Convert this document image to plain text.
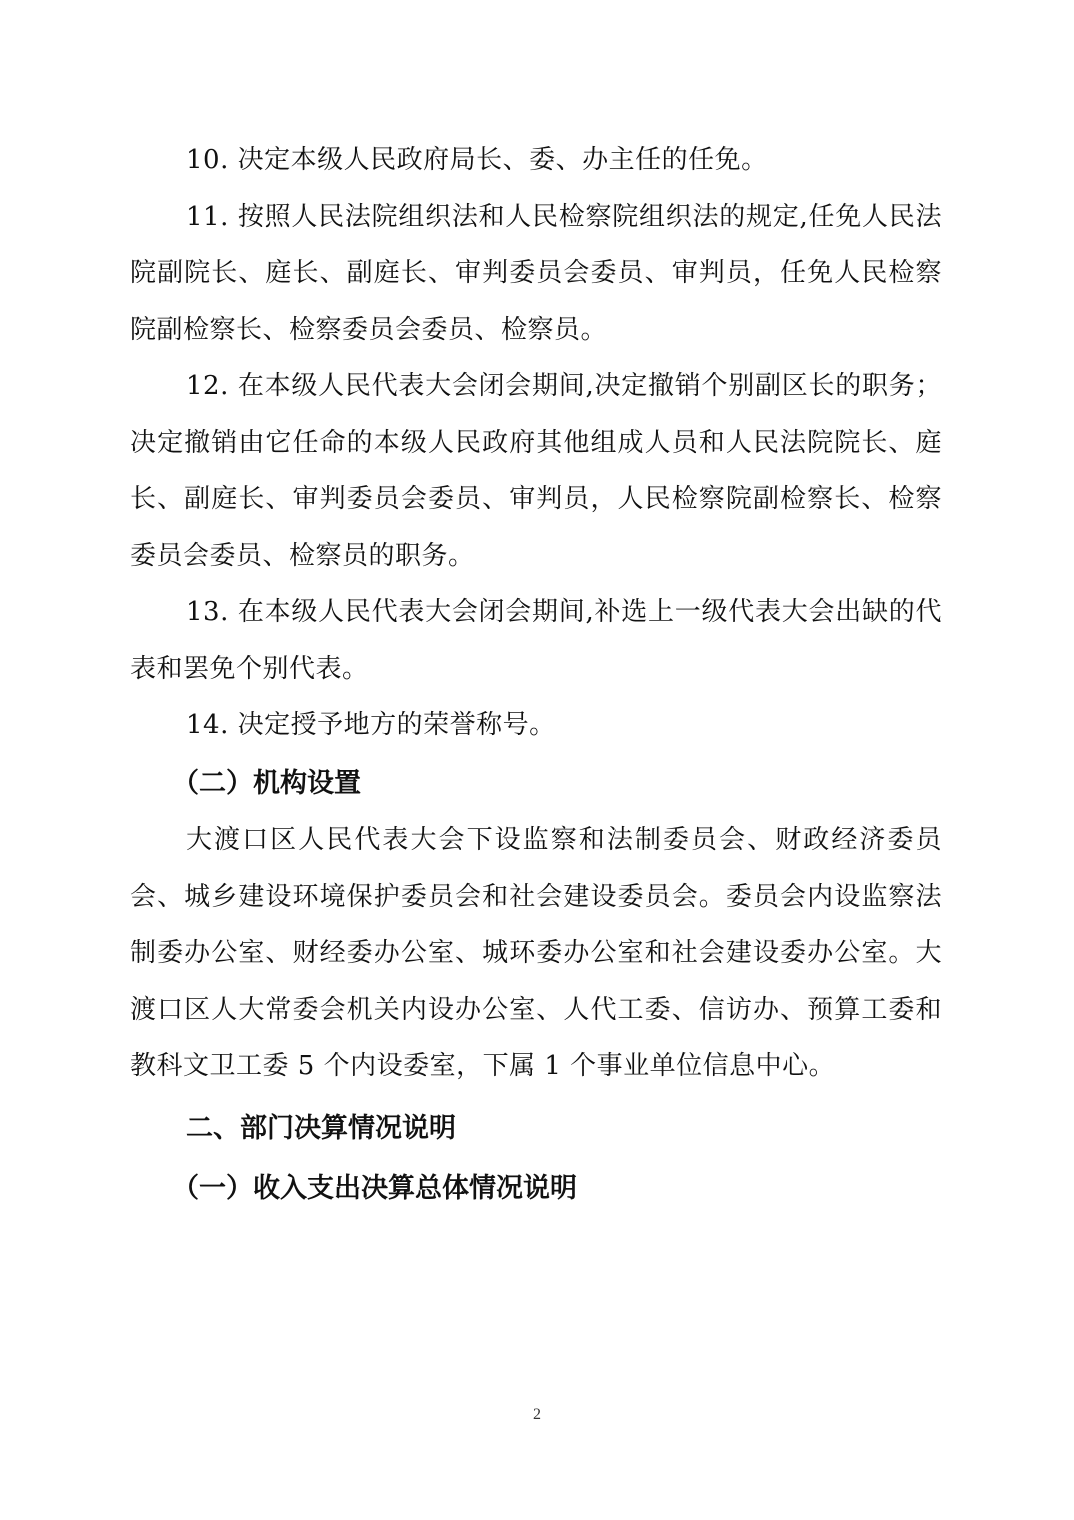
10. 决定本级人民政府局长、委、办主任的任免。

11. 按照人民法院组织法和人民检察院组织法的规定,任免人民法院副院长、庭长、副庭长、审判委员会委员、审判员，任免人民检察院副检察长、检察委员会委员、检察员。

12. 在本级人民代表大会闭会期间,决定撤销个别副区长的职务；决定撤销由它任命的本级人民政府其他组成人员和人民法院院长、庭长、副庭长、审判委员会委员、审判员，人民检察院副检察长、检察委员会委员、检察员的职务。

13. 在本级人民代表大会闭会期间,补选上一级代表大会出缺的代表和罢免个别代表。

14. 决定授予地方的荣誉称号。

（二）机构设置

大渡口区人民代表大会下设监察和法制委员会、财政经济委员会、城乡建设环境保护委员会和社会建设委员会。委员会内设监察法制委办公室、财经委办公室、城环委办公室和社会建设委办公室。大渡口区人大常委会机关内设办公室、人代工委、信访办、预算工委和教科文卫工委 5 个内设委室，下属 1 个事业单位信息中心。

二、部门决算情况说明
（一）收入支出决算总体情况说明
2
